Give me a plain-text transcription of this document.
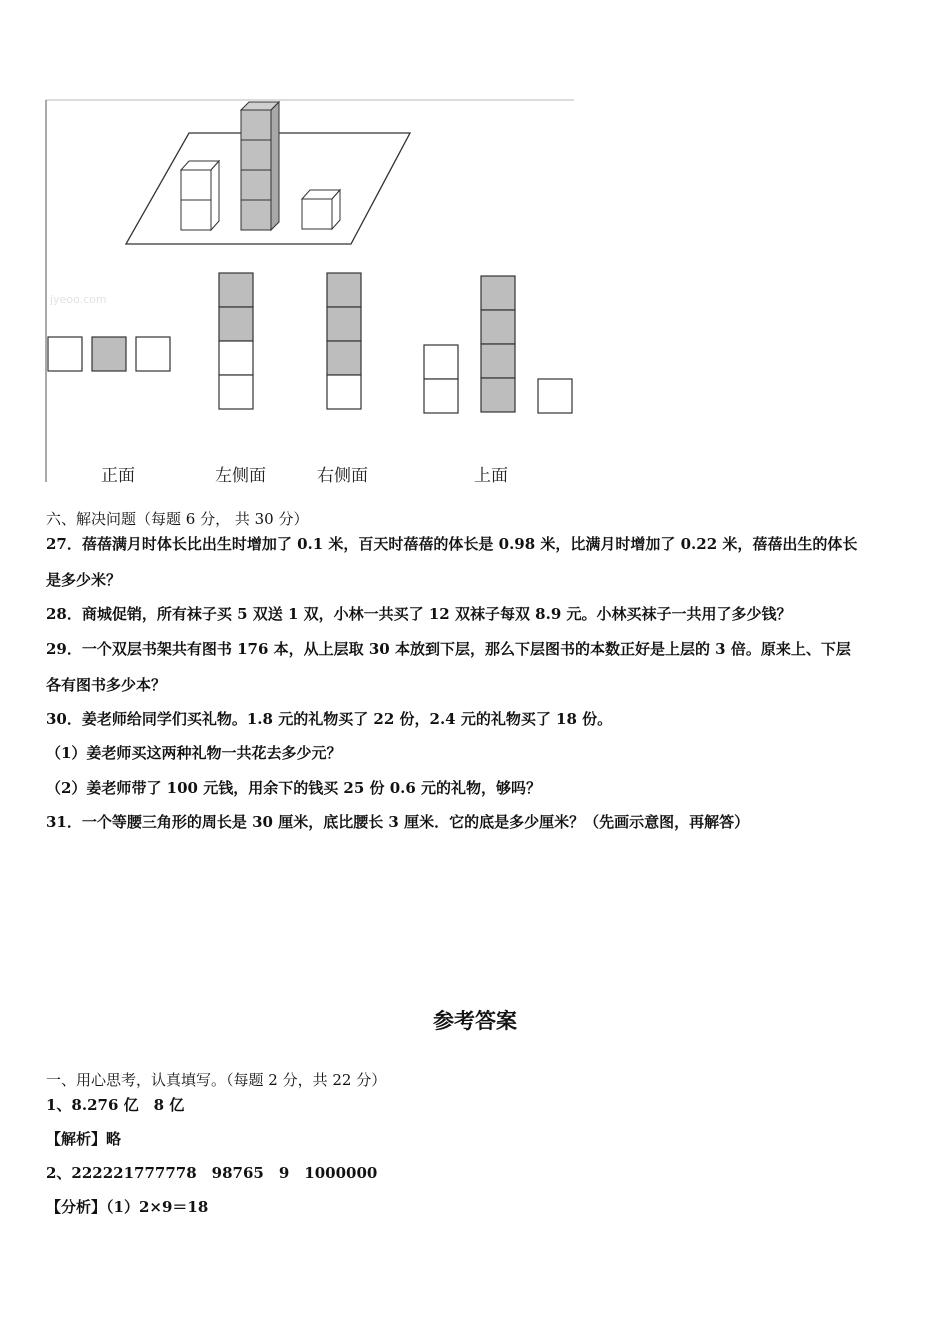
jyeoo.com
正面	左侧面	右侧面	上面
六、解决问题（每题 6 分， 共 30 分）
27．蓓蓓满月时体长比出生时增加了 0.1 米，百天时蓓蓓的体长是 0.98 米，比满月时增加了 0.22 米，蓓蓓出生的体长
是多少米？
28．商城促销，所有袜子买 5 双送 1 双，小林一共买了 12 双袜子每双 8.9 元。小林买袜子一共用了多少钱？
29．一个双层书架共有图书 176 本，从上层取 30 本放到下层，那么下层图书的本数正好是上层的 3 倍。原来上、下层
各有图书多少本？
30．姜老师给同学们买礼物。1.8 元的礼物买了 22 份，2.4 元的礼物买了 18 份。
（1）姜老师买这两种礼物一共花去多少元？
（2）姜老师带了 100 元钱，用余下的钱买 25 份 0.6 元的礼物，够吗？
31．一个等腰三角形的周长是 30 厘米，底比腰长 3 厘米．它的底是多少厘米？（先画示意图，再解答）
参考答案
一、用心思考，认真填写。（每题 2 分，共 22 分）
1、8.276 亿　8 亿
【解析】略
2、222221777778　98765　9　1000000
【分析】（1）2×9＝18
